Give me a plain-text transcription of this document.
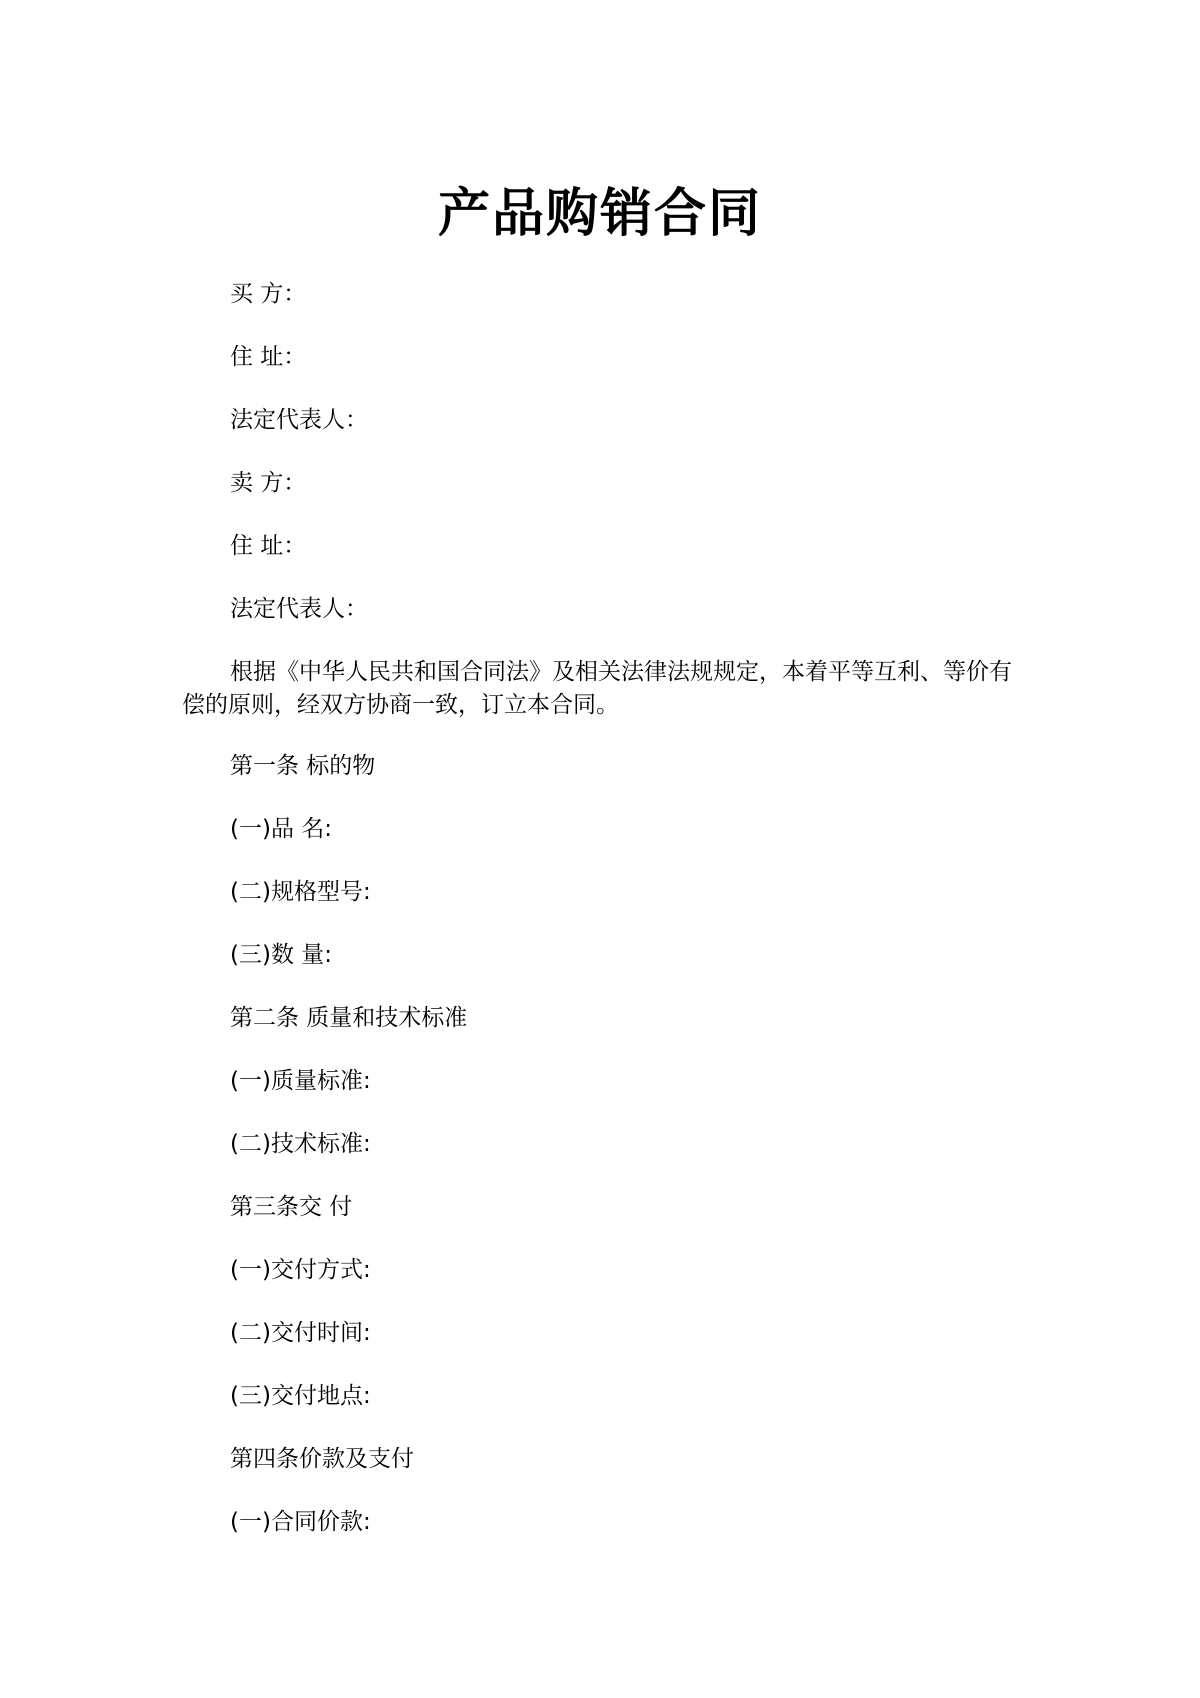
产品购销合同

买 方：

住 址：

法定代表人：

卖 方：

住 址：

法定代表人：

根据《中华人民共和国合同法》及相关法律法规规定，本着平等互利、等价有偿的原则，经双方协商一致，订立本合同。

第一条 标的物

(一)品 名:

(二)规格型号:

(三)数 量:

第二条 质量和技术标准

(一)质量标准:

(二)技术标准:

第三条交 付

(一)交付方式:

(二)交付时间:

(三)交付地点:

第四条价款及支付

(一)合同价款:
